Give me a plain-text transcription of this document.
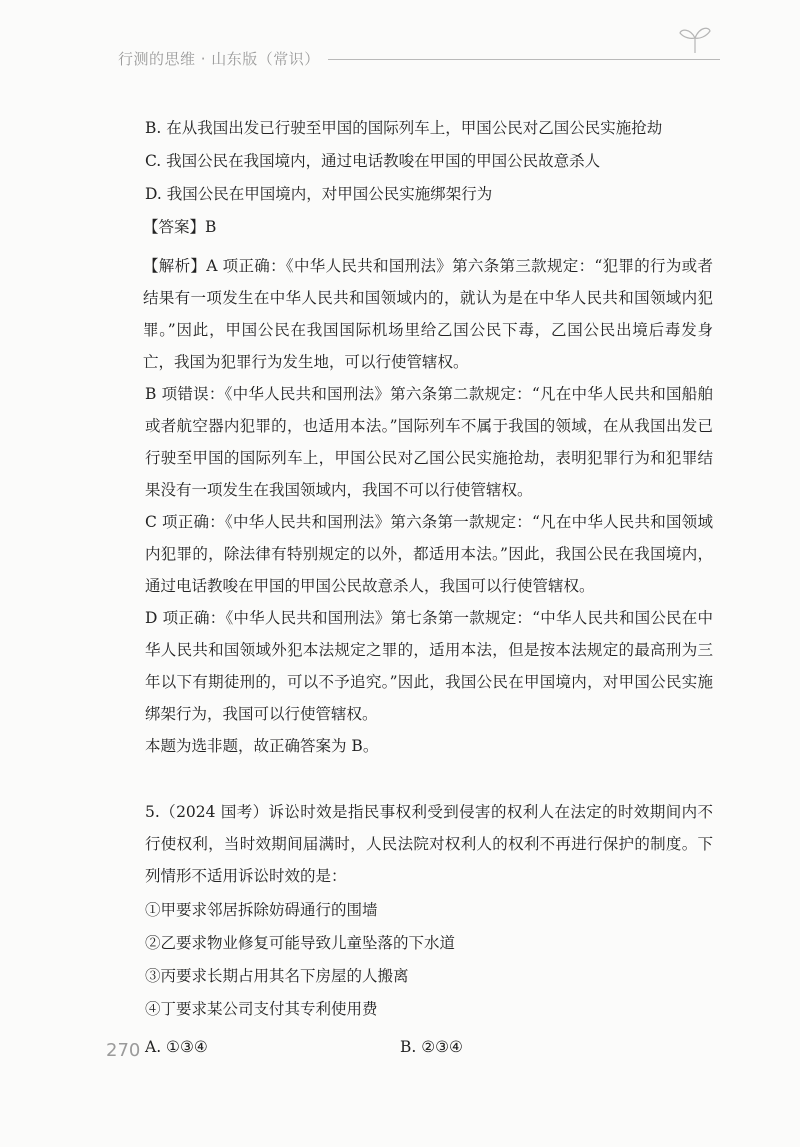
行测的思维 · 山东版（常识）

B. 在从我国出发已行驶至甲国的国际列车上，甲国公民对乙国公民实施抢劫

C. 我国公民在我国境内，通过电话教唆在甲国的甲国公民故意杀人

D. 我国公民在甲国境内，对甲国公民实施绑架行为

【答案】B

【解析】A 项正确：《中华人民共和国刑法》第六条第三款规定：“犯罪的行为或者结果有一项发生在中华人民共和国领域内的，就认为是在中华人民共和国领域内犯罪。”因此，甲国公民在我国国际机场里给乙国公民下毒，乙国公民出境后毒发身亡，我国为犯罪行为发生地，可以行使管辖权。

B 项错误：《中华人民共和国刑法》第六条第二款规定：“凡在中华人民共和国船舶或者航空器内犯罪的，也适用本法。”国际列车不属于我国的领域，在从我国出发已行驶至甲国的国际列车上，甲国公民对乙国公民实施抢劫，表明犯罪行为和犯罪结果没有一项发生在我国领域内，我国不可以行使管辖权。

C 项正确：《中华人民共和国刑法》第六条第一款规定：“凡在中华人民共和国领域内犯罪的，除法律有特别规定的以外，都适用本法。”因此，我国公民在我国境内，通过电话教唆在甲国的甲国公民故意杀人，我国可以行使管辖权。

D 项正确：《中华人民共和国刑法》第七条第一款规定：“中华人民共和国公民在中华人民共和国领域外犯本法规定之罪的，适用本法，但是按本法规定的最高刑为三年以下有期徒刑的，可以不予追究。”因此，我国公民在甲国境内，对甲国公民实施绑架行为，我国可以行使管辖权。

本题为选非题，故正确答案为 B。

5.（2024 国考）诉讼时效是指民事权利受到侵害的权利人在法定的时效期间内不行使权利，当时效期间届满时，人民法院对权利人的权利不再进行保护的制度。下列情形不适用诉讼时效的是：

①甲要求邻居拆除妨碍通行的围墙

②乙要求物业修复可能导致儿童坠落的下水道

③丙要求长期占用其名下房屋的人搬离

④丁要求某公司支付其专利使用费

A. ①③④	B. ②③④
270
